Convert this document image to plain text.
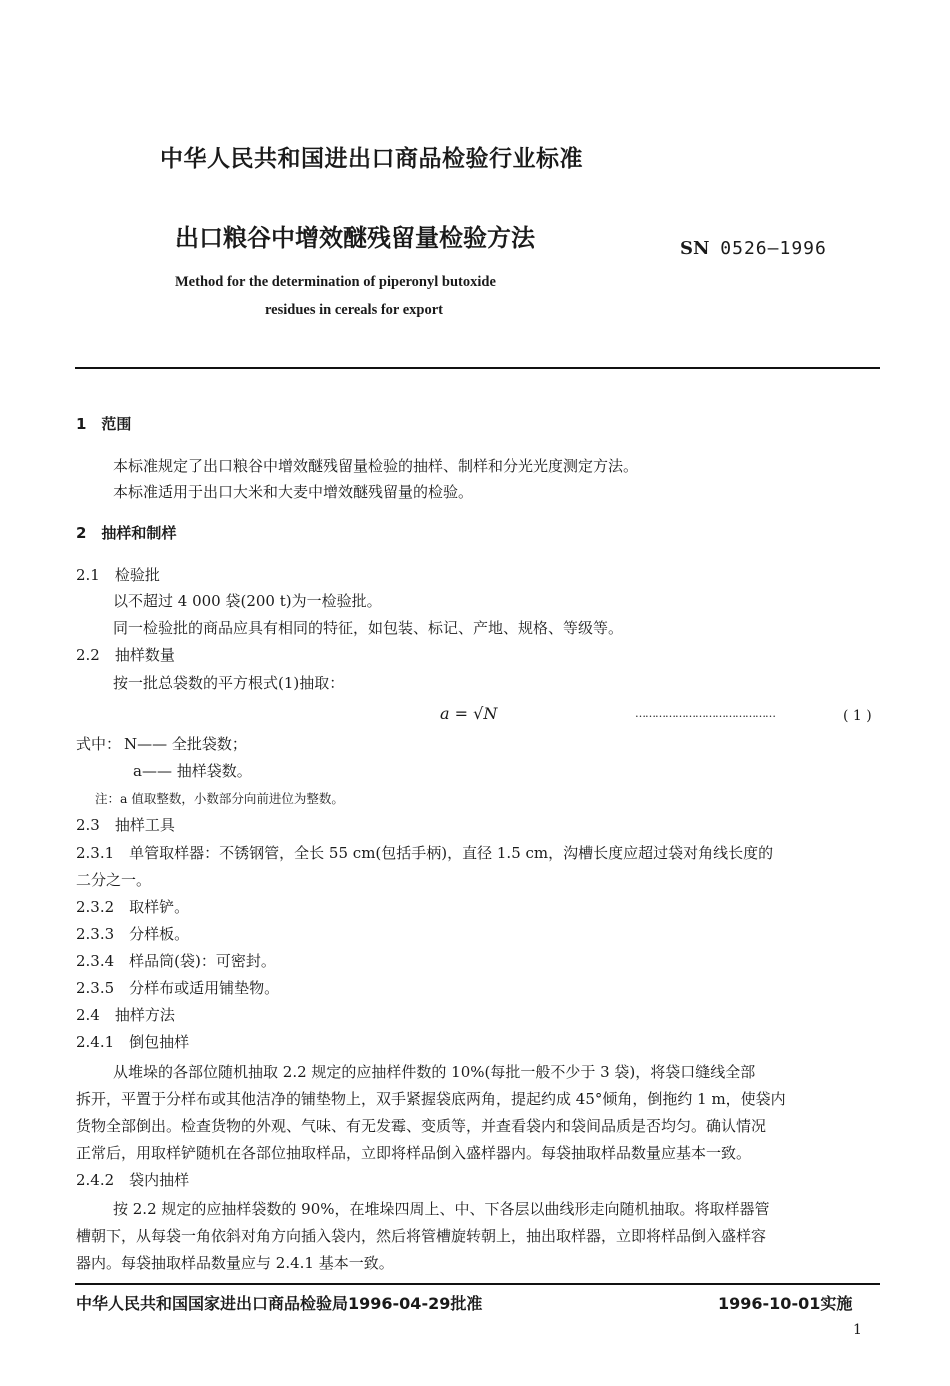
中华人民共和国进出口商品检验行业标准
出口粮谷中增效醚残留量检验方法	SN 0526—1996
Method for the determination of piperonyl butoxide
residues in cereals for export
1　范围
本标准规定了出口粮谷中增效醚残留量检验的抽样、制样和分光光度测定方法。
本标准适用于出口大米和大麦中增效醚残留量的检验。
2　抽样和制样
2.1　检验批
以不超过 4 000 袋(200 t)为一检验批。
同一检验批的商品应具有相同的特征，如包装、标记、产地、规格、等级等。
2.2　抽样数量
按一批总袋数的平方根式(1)抽取：
a = √N	……………………………………	( 1 )
式中： N—— 全批袋数；
a—— 抽样袋数。
注：a 值取整数，小数部分向前进位为整数。
2.3　抽样工具
2.3.1　单管取样器：不锈钢管，全长 55 cm(包括手柄)，直径 1.5 cm，沟槽长度应超过袋对角线长度的
二分之一。
2.3.2　取样铲。
2.3.3　分样板。
2.3.4　样品筒(袋)：可密封。
2.3.5　分样布或适用铺垫物。
2.4　抽样方法
2.4.1　倒包抽样
从堆垛的各部位随机抽取 2.2 规定的应抽样件数的 10%(每批一般不少于 3 袋)，将袋口缝线全部
拆开，平置于分样布或其他洁净的铺垫物上，双手紧握袋底两角，提起约成 45°倾角，倒拖约 1 m，使袋内
货物全部倒出。检查货物的外观、气味、有无发霉、变质等，并查看袋内和袋间品质是否均匀。确认情况
正常后，用取样铲随机在各部位抽取样品，立即将样品倒入盛样器内。每袋抽取样品数量应基本一致。
2.4.2　袋内抽样
按 2.2 规定的应抽样袋数的 90%，在堆垛四周上、中、下各层以曲线形走向随机抽取。将取样器管
槽朝下，从每袋一角依斜对角方向插入袋内，然后将管槽旋转朝上，抽出取样器，立即将样品倒入盛样容
器内。每袋抽取样品数量应与 2.4.1 基本一致。
中华人民共和国国家进出口商品检验局1996-04-29批准	1996-10-01实施
1
